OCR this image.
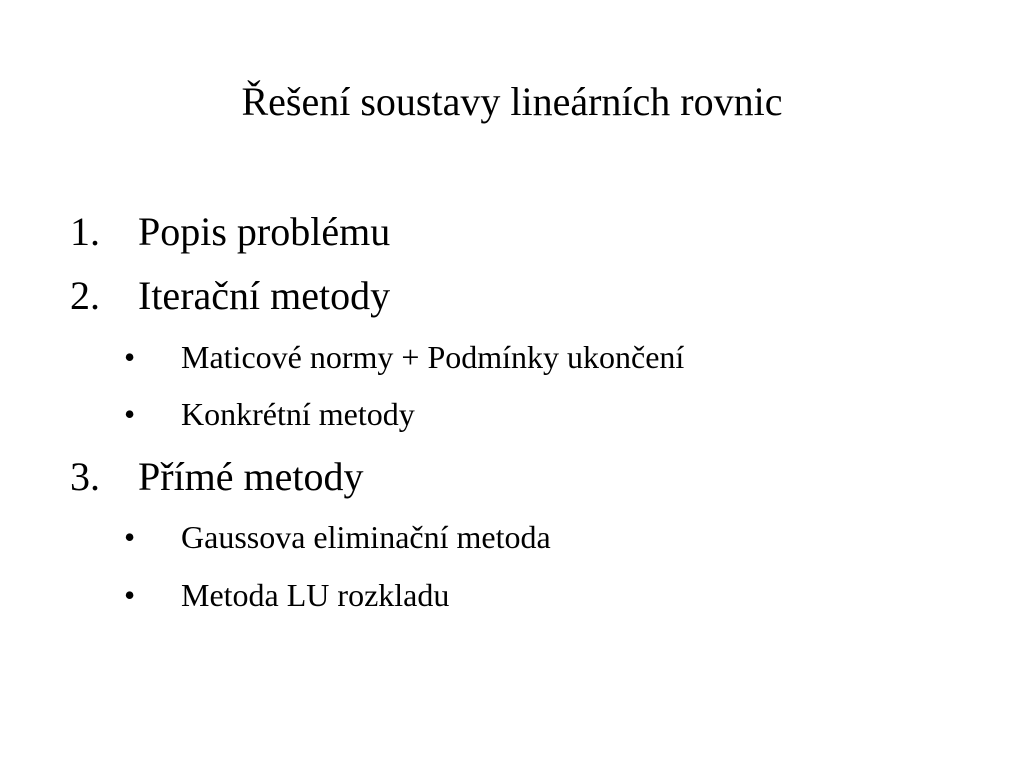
Řešení soustavy lineárních rovnic
1. Popis problému
2. Iterační metody
• Maticové normy + Podmínky ukončení
• Konkrétní metody
3. Přímé metody
• Gaussova eliminační metoda
• Metoda LU rozkladu
